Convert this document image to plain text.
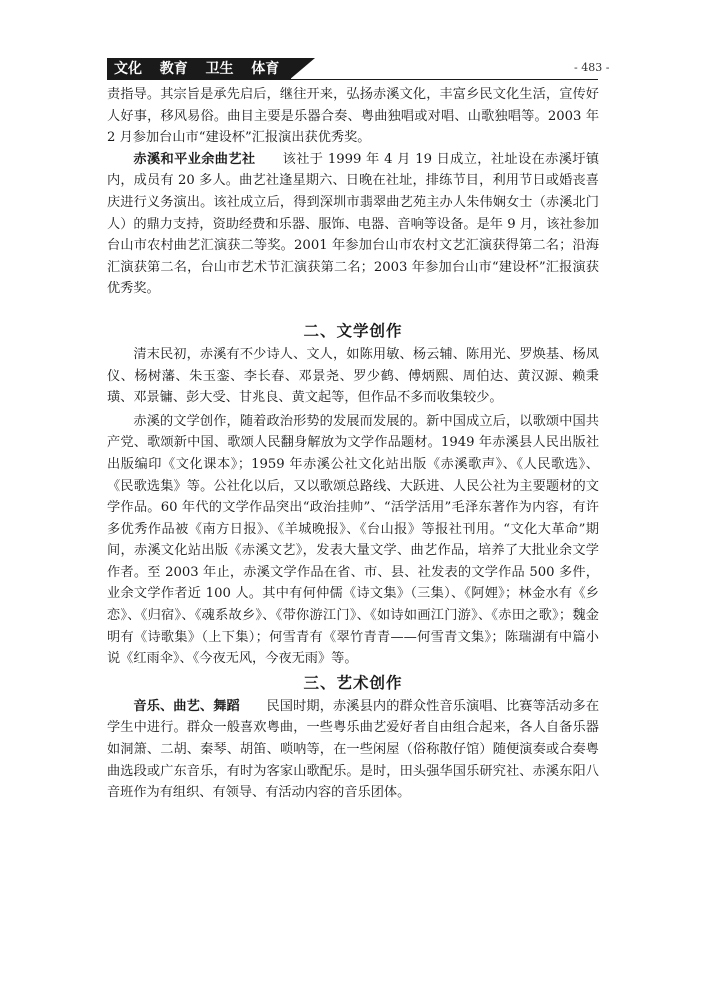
文化  教育  卫生  体育	- 483 -

责指导。其宗旨是承先启后，继往开来，弘扬赤溪文化，丰富乡民文化生活，宣传好人好事，移风易俗。曲目主要是乐器合奏、粤曲独唱或对唱、山歌独唱等。2003 年 2 月参加台山市“建设杯”汇报演出获优秀奖。

赤溪和平业余曲艺社　　 该社于 1999 年 4 月 19 日成立，社址设在赤溪圩镇内，成员有 20 多人。曲艺社逢星期六、日晚在社址，排练节目，利用节日或婚丧喜庆进行义务演出。该社成立后，得到深圳市翡翠曲艺苑主办人朱伟娴女士（赤溪北门人）的鼎力支持，资助经费和乐器、服饰、电器、音响等设备。是年 9 月，该社参加台山市农村曲艺汇演获二等奖。2001 年参加台山市农村文艺汇演获得第二名；沿海汇演获第二名，台山市艺术节汇演获第二名；2003 年参加台山市“建设杯”汇报演获优秀奖。

二、文学创作

清末民初，赤溪有不少诗人、文人，如陈用敏、杨云辅、陈用光、罗焕基、杨凤仪、杨树藩、朱玉銮、李长春、邓景尧、罗少鹤、傅炳熙、周伯达、黄汉源、赖秉璜、邓景镛、彭大受、甘兆良、黄文起等，但作品不多而收集较少。

赤溪的文学创作，随着政治形势的发展而发展的。新中国成立后，以歌颂中国共产党、歌颂新中国、歌颂人民翻身解放为文学作品题材。1949 年赤溪县人民出版社出版编印《文化课本》；1959 年赤溪公社文化站出版《赤溪歌声》、《人民歌选》、《民歌选集》等。公社化以后，又以歌颂总路线、大跃进、人民公社为主要题材的文学作品。60 年代的文学作品突出“政治挂帅”、“活学活用”毛泽东著作为内容，有许多优秀作品被《南方日报》、《羊城晚报》、《台山报》等报社刊用。“文化大革命”期间，赤溪文化站出版《赤溪文艺》，发表大量文学、曲艺作品，培养了大批业余文学作者。至 2003 年止，赤溪文学作品在省、市、县、社发表的文学作品 500 多件，业余文学作者近 100 人。其中有何仲儒《诗文集》（三集）、《阿娌》；林金水有《乡恋》、《归宿》、《魂系故乡》、《带你游江门》、《如诗如画江门游》、《赤田之歌》；魏金明有《诗歌集》（上下集）；何雪青有《翠竹青青——何雪青文集》；陈瑞湖有中篇小说《红雨伞》、《今夜无风，今夜无雨》等。

三、艺术创作

音乐、曲艺、舞蹈　　 民国时期，赤溪县内的群众性音乐演唱、比赛等活动多在学生中进行。群众一般喜欢粤曲，一些粤乐曲艺爱好者自由组合起来，各人自备乐器如洞箫、二胡、秦琴、胡笛、唢呐等，在一些闲屋（俗称散仔馆）随便演奏或合奏粤曲选段或广东音乐，有时为客家山歌配乐。是时，田头强华国乐研究社、赤溪东阳八音班作为有组织、有领导、有活动内容的音乐团体。
